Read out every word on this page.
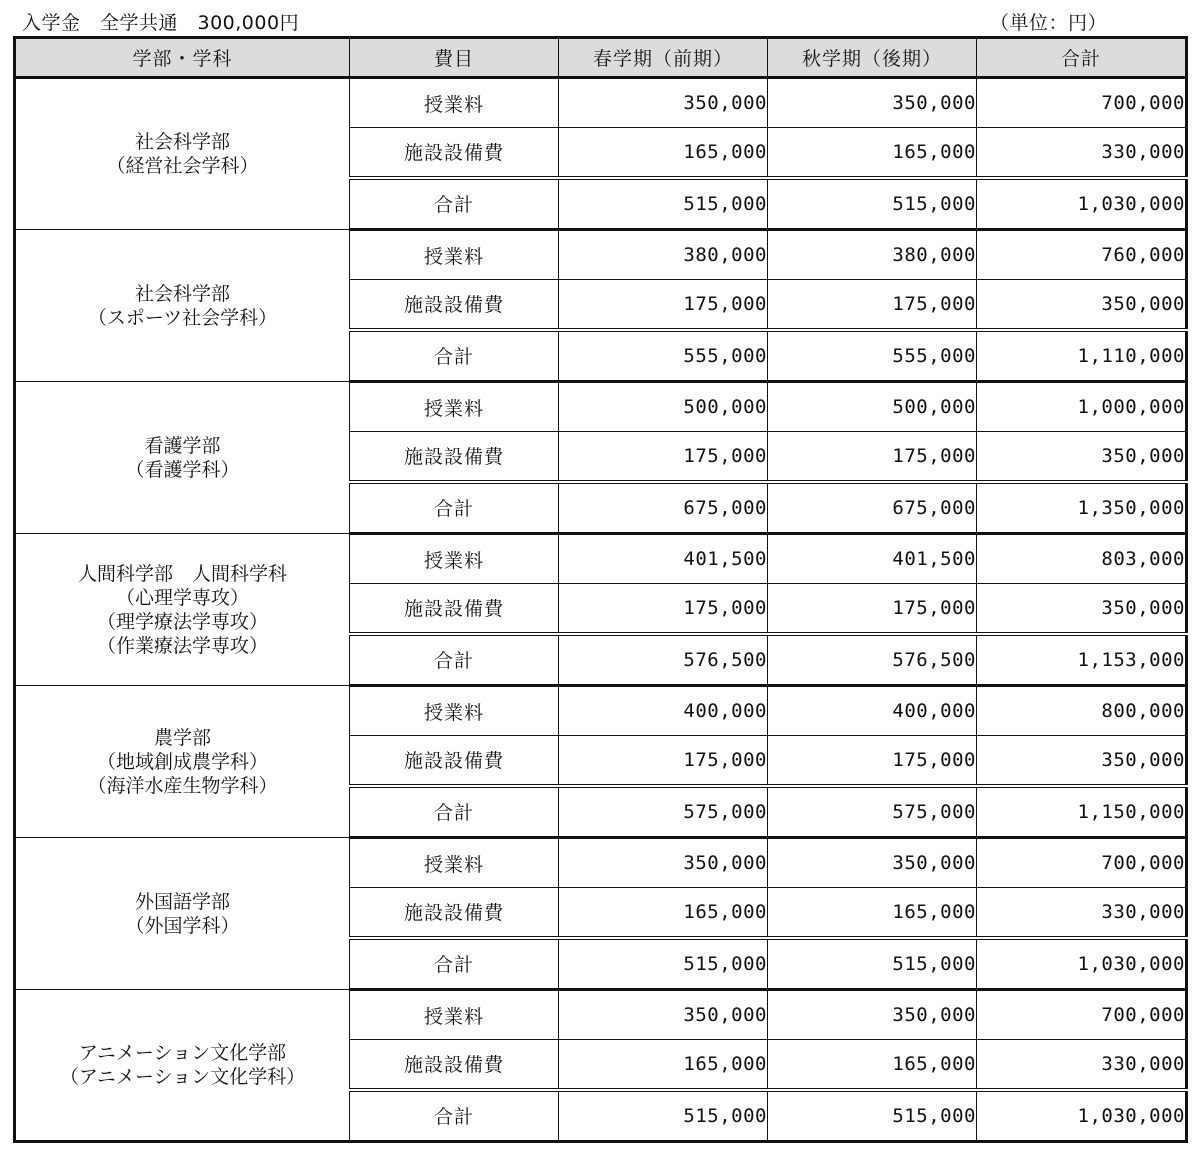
入学金　全学共通　300,000円	（単位：円）
学部・学科	費目	春学期（前期）	秋学期（後期）	合計
社会科学部
（経営社会学科）	授業料	350,000	350,000	700,000
	施設設備費	165,000	165,000	330,000
	合計	515,000	515,000	1,030,000
社会科学部
（スポーツ社会学科）	授業料	380,000	380,000	760,000
	施設設備費	175,000	175,000	350,000
	合計	555,000	555,000	1,110,000
看護学部
（看護学科）	授業料	500,000	500,000	1,000,000
	施設設備費	175,000	175,000	350,000
	合計	675,000	675,000	1,350,000
人間科学部　人間科学科
（心理学専攻）
（理学療法学専攻）
（作業療法学専攻）	授業料	401,500	401,500	803,000
	施設設備費	175,000	175,000	350,000
	合計	576,500	576,500	1,153,000
農学部
（地域創成農学科）
（海洋水産生物学科）	授業料	400,000	400,000	800,000
	施設設備費	175,000	175,000	350,000
	合計	575,000	575,000	1,150,000
外国語学部
（外国学科）	授業料	350,000	350,000	700,000
	施設設備費	165,000	165,000	330,000
	合計	515,000	515,000	1,030,000
アニメーション文化学部
（アニメーション文化学科）	授業料	350,000	350,000	700,000
	施設設備費	165,000	165,000	330,000
	合計	515,000	515,000	1,030,000
